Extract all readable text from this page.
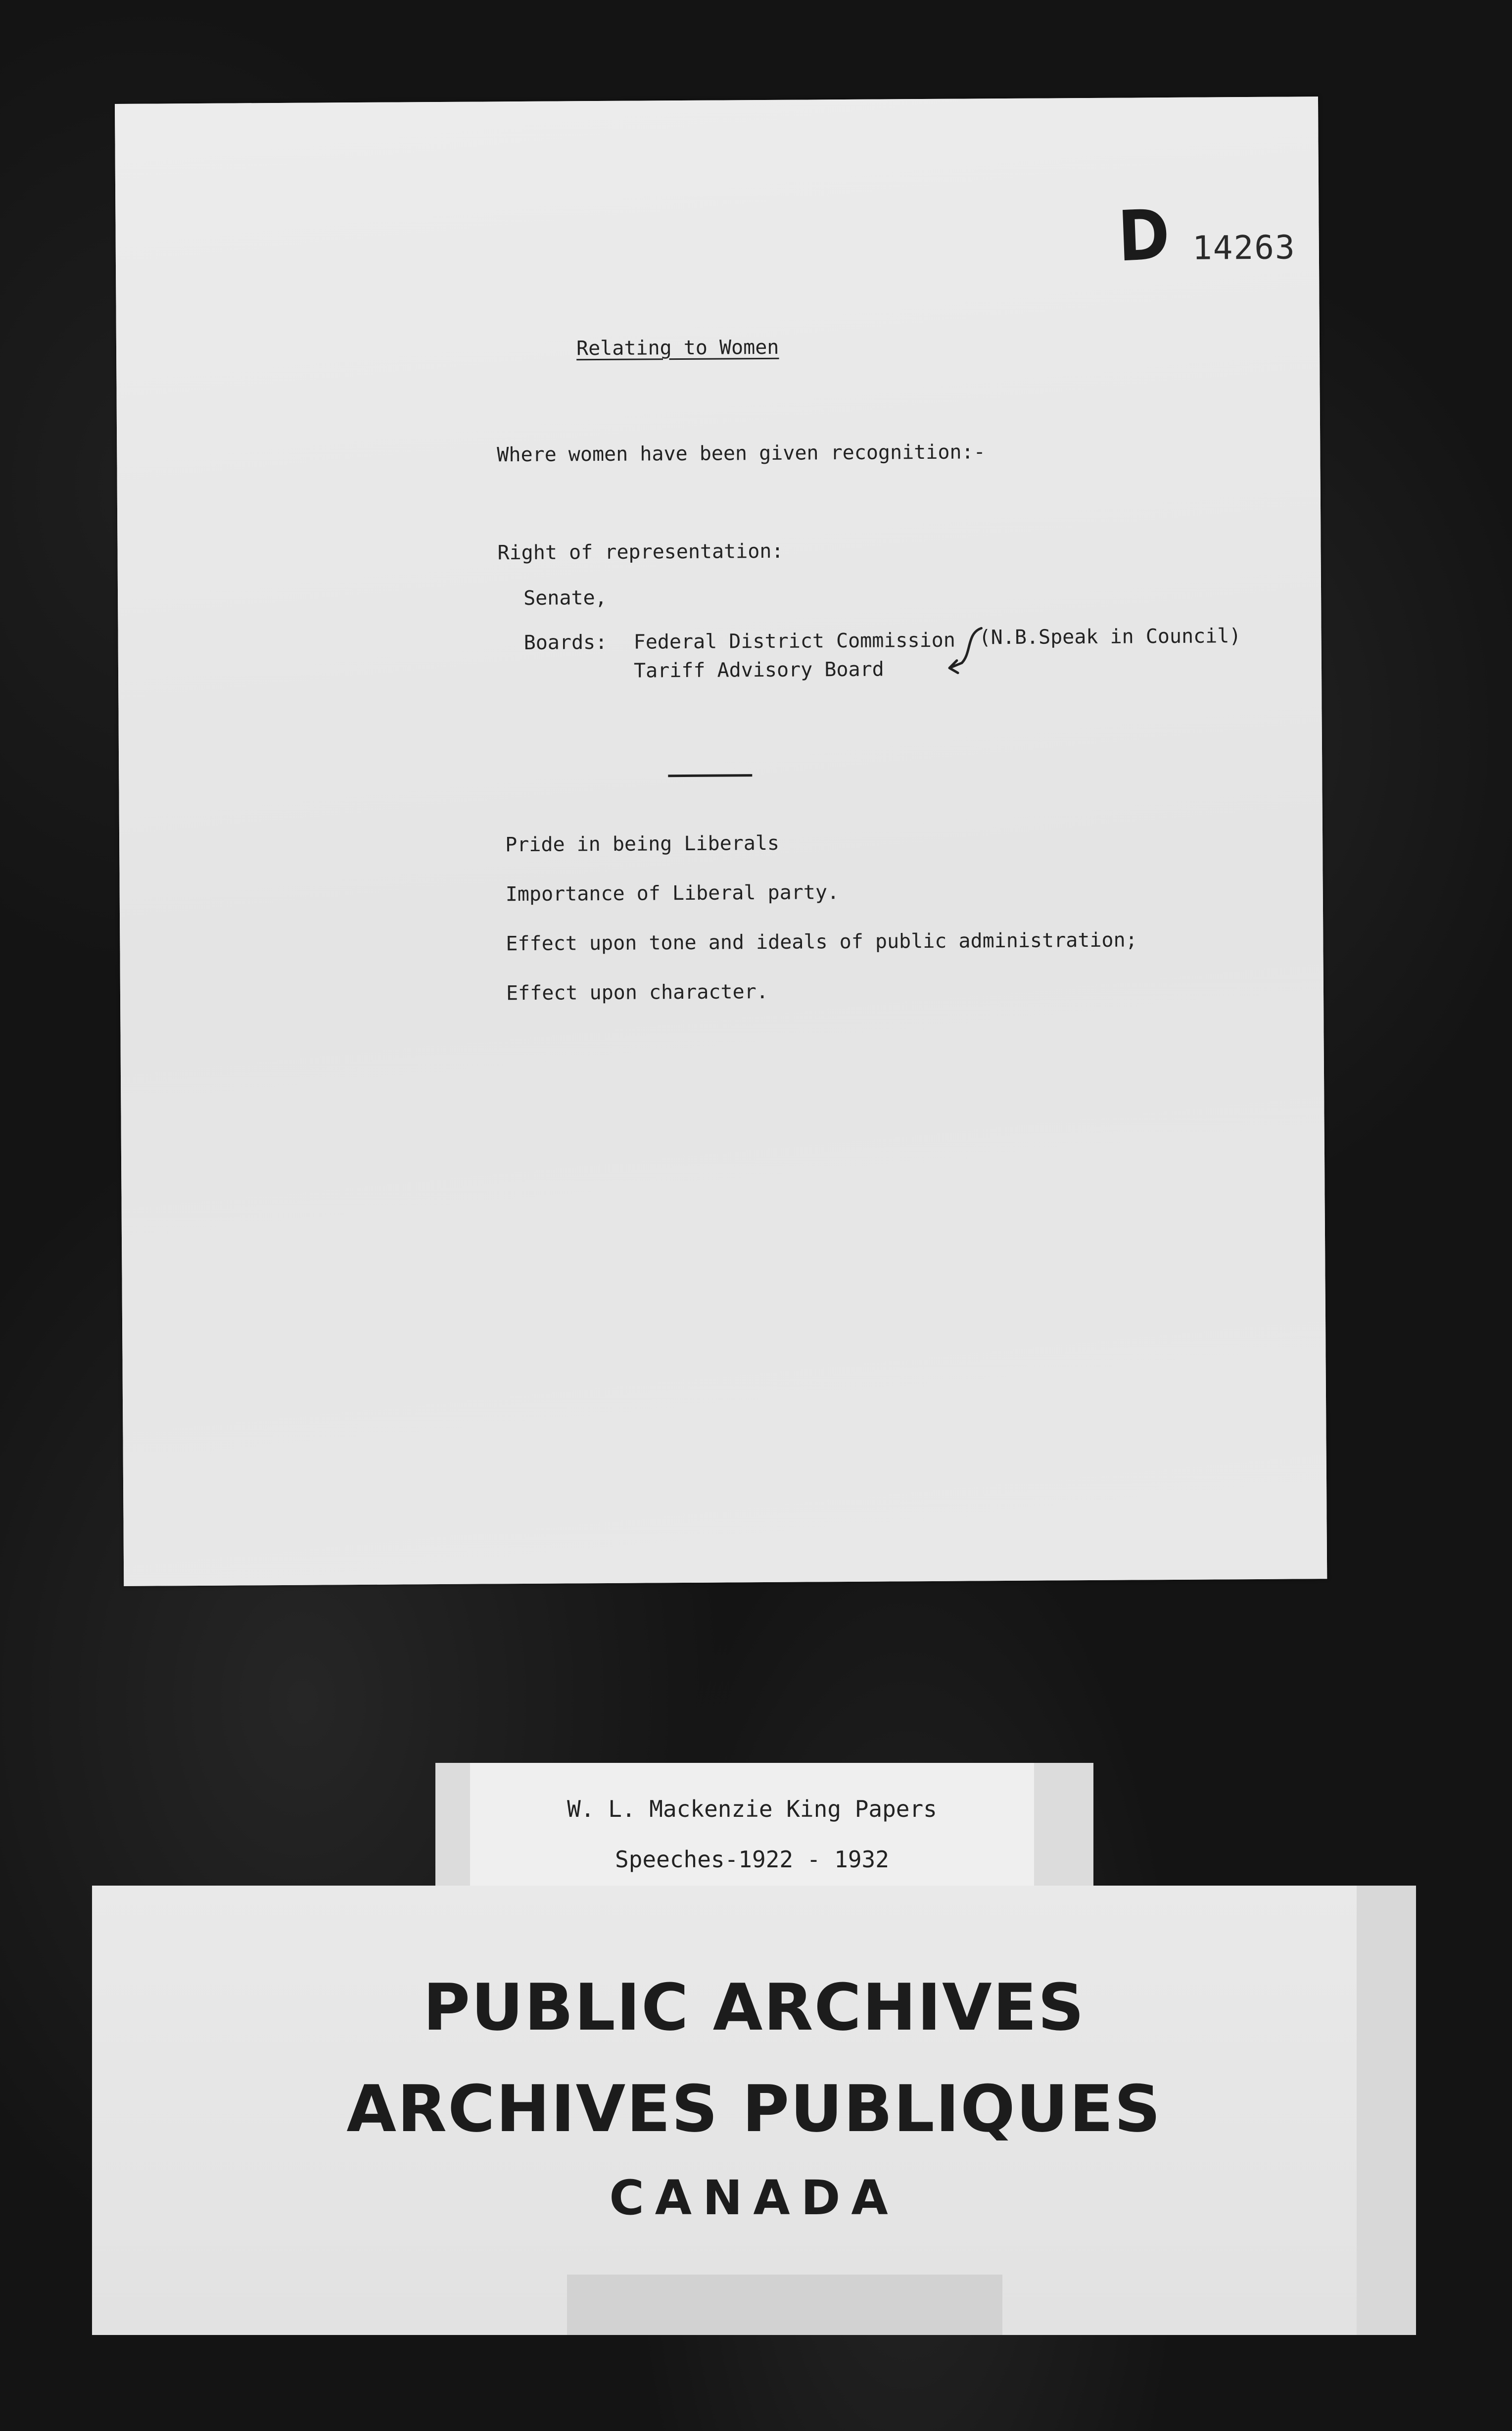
D 14263
Relating to Women
Where women have been given recognition:-
Right of representation:
Senate,
Boards: Federal District Commission (N.B.Speak in Council)
Tariff Advisory Board
Pride in being Liberals
Importance of Liberal party.
Effect upon tone and ideals of public administration;
Effect upon character.
W. L. Mackenzie King Papers
Speeches-1922 - 1932
PUBLIC ARCHIVES
ARCHIVES PUBLIQUES
CANADA
